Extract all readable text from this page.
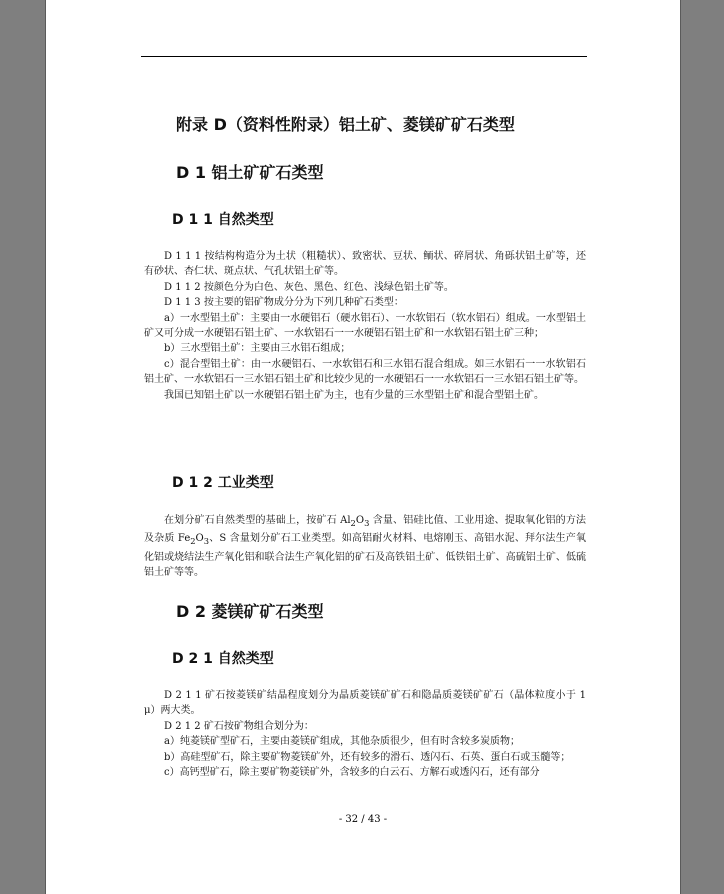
附录 D（资料性附录）铝土矿、菱镁矿矿石类型
D 1 铝土矿矿石类型
D 1 1 自然类型

D 1 1 1 按结构构造分为土状（粗糙状）、致密状、豆状、鲕状、碎屑状、角砾状铝土矿等，还有砂状、杏仁状、斑点状、气孔状铝土矿等。

D 1 1 2 按颜色分为白色、灰色、黑色、红色、浅绿色铝土矿等。

D 1 1 3 按主要的铝矿物成分分为下列几种矿石类型：

a）一水型铝土矿：主要由一水硬铝石（硬水铝石）、一水软铝石（软水铝石）组成。一水型铝土矿又可分成一水硬铝石铝土矿、一水软铝石一一水硬铝石铝土矿和一水软铝石铝土矿三种；

b）三水型铝土矿：主要由三水铝石组成；

c）混合型铝土矿：由一水硬铝石、一水软铝石和三水铝石混合组成。如三水铝石一一水软铝石铝土矿、一水软铝石一三水铝石铝土矿和比较少见的一水硬铝石一一水软铝石一三水铝石铝土矿等。

我国已知铝土矿以一水硬铝石铝土矿为主，也有少量的三水型铝土矿和混合型铝土矿。

D 1 2 工业类型

在划分矿石自然类型的基础上，按矿石 $Al_2O_3$ 含量、铝硅比值、工业用途、提取氧化铝的方法及杂质 $Fe_2O_3$、S 含量划分矿石工业类型。如高铝耐火材料、电熔刚玉、高铝水泥、拜尔法生产氧化铝或烧结法生产氧化铝和联合法生产氧化铝的矿石及高铁铝土矿、低铁铝土矿、高硫铝土矿、低硫铝土矿等等。

D 2 菱镁矿矿石类型
D 2 1 自然类型

D 2 1 1 矿石按菱镁矿结晶程度划分为晶质菱镁矿矿石和隐晶质菱镁矿矿石（晶体粒度小于 1 μ）两大类。

D 2 1 2 矿石按矿物组合划分为：

a）纯菱镁矿型矿石，主要由菱镁矿组成，其他杂质很少，但有时含较多炭质物；

b）高硅型矿石，除主要矿物菱镁矿外，还有较多的滑石、透闪石、石英、蛋白石或玉髓等；

c）高钙型矿石，除主要矿物菱镁矿外，含较多的白云石、方解石或透闪石，还有部分

- 32 / 43 -
